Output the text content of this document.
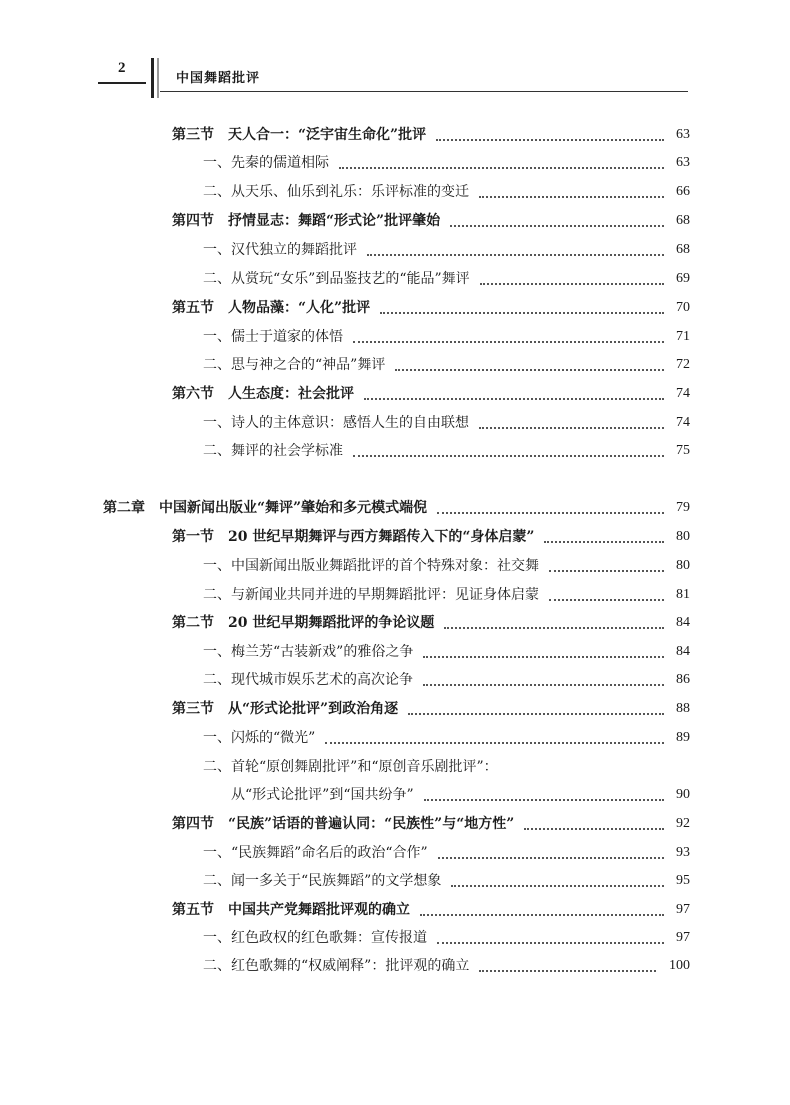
2
中国舞蹈批评
第三节　天人合一：“泛宇宙生命化”批评	63
一、先秦的儒道相际	63
二、从天乐、仙乐到礼乐：乐评标准的变迁	66
第四节　抒情显志：舞蹈“形式论”批评肇始	68
一、汉代独立的舞蹈批评	68
二、从赏玩“女乐”到品鉴技艺的“能品”舞评	69
第五节　人物品藻：“人化”批评	70
一、儒士于道家的体悟	71
二、思与神之合的“神品”舞评	72
第六节　人生态度：社会批评	74
一、诗人的主体意识：感悟人生的自由联想	74
二、舞评的社会学标准	75
第二章　中国新闻出版业“舞评”肇始和多元模式端倪	79
第一节　20 世纪早期舞评与西方舞蹈传入下的“身体启蒙”	80
一、中国新闻出版业舞蹈批评的首个特殊对象：社交舞	80
二、与新闻业共同并进的早期舞蹈批评：见证身体启蒙	81
第二节　20 世纪早期舞蹈批评的争论议题	84
一、梅兰芳“古装新戏”的雅俗之争	84
二、现代城市娱乐艺术的高次论争	86
第三节　从“形式论批评”到政治角逐	88
一、闪烁的“微光”	89
二、首轮“原创舞剧批评”和“原创音乐剧批评”：
从“形式论批评”到“国共纷争”	90
第四节　“民族”话语的普遍认同：“民族性”与“地方性”	92
一、“民族舞蹈”命名后的政治“合作”	93
二、闻一多关于“民族舞蹈”的文学想象	95
第五节　中国共产党舞蹈批评观的确立	97
一、红色政权的红色歌舞：宣传报道	97
二、红色歌舞的“权威阐释”：批评观的确立	100
